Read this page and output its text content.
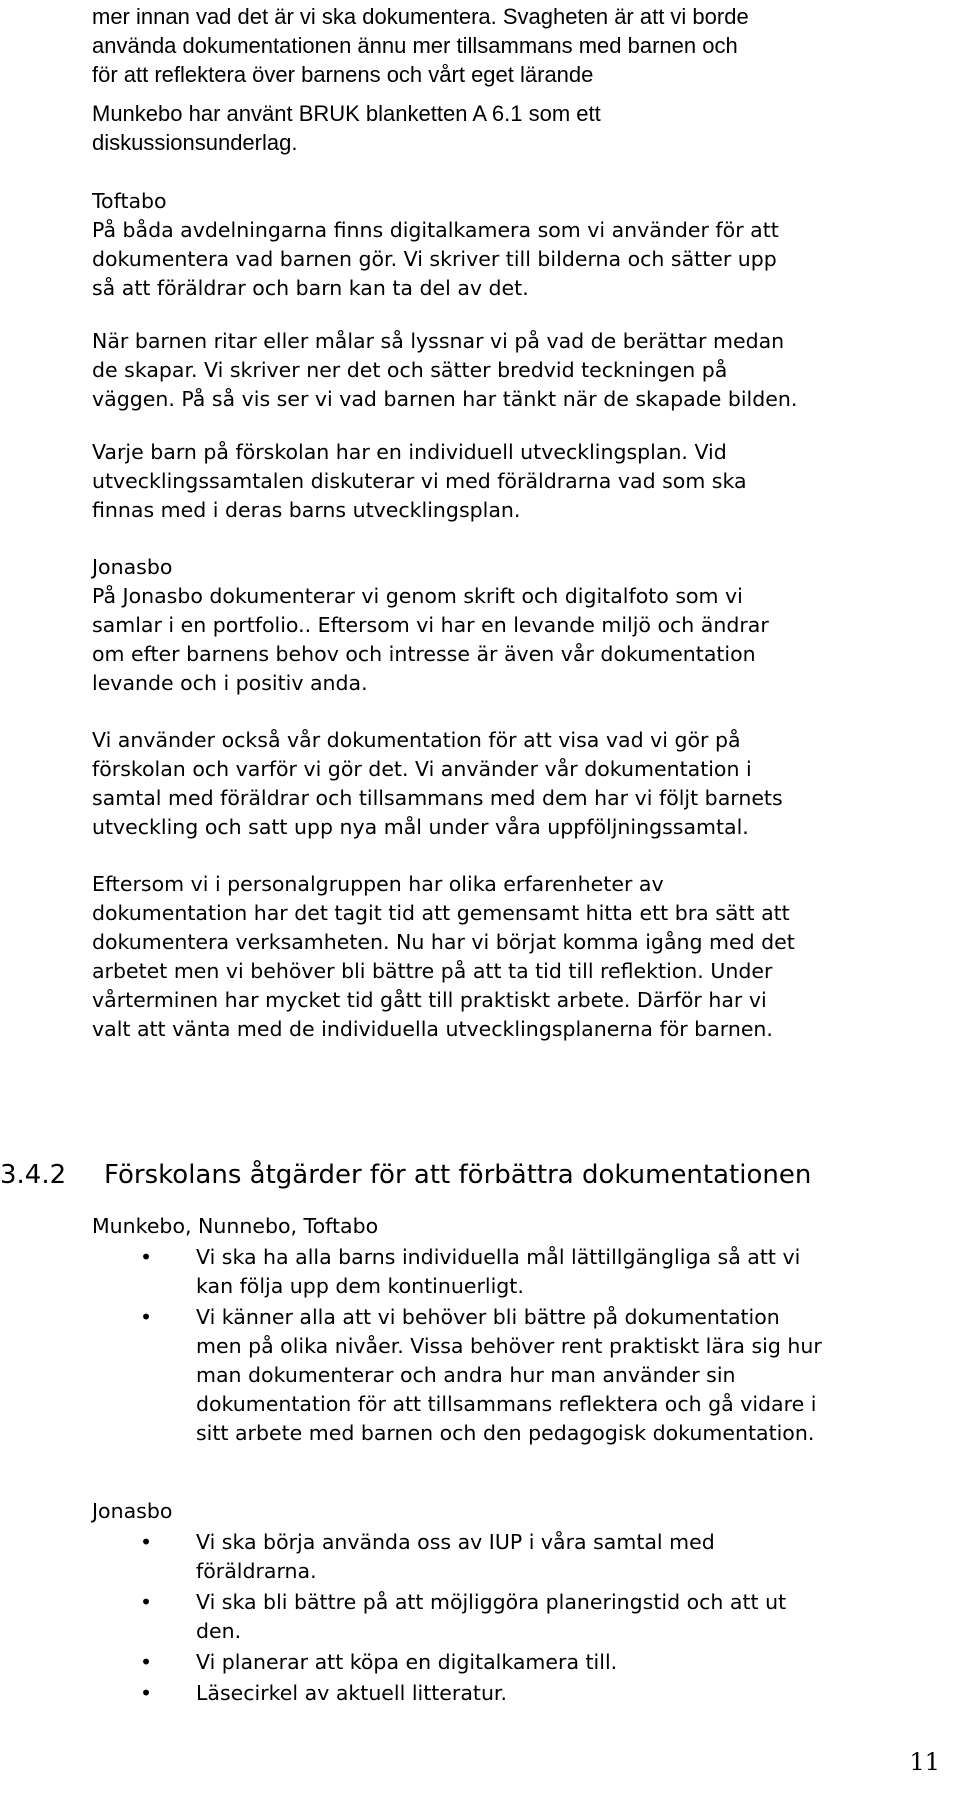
mer innan vad det är vi ska dokumentera. Svagheten är att vi borde
använda dokumentationen ännu mer tillsammans med barnen och
för att reflektera över barnens och vårt eget lärande
Munkebo har använt BRUK blanketten A 6.1 som ett
diskussionsunderlag.
Toftabo
På båda avdelningarna finns digitalkamera som vi använder för att
dokumentera vad barnen gör. Vi skriver till bilderna och sätter upp
så att föräldrar och barn kan ta del av det.
När barnen ritar eller målar så lyssnar vi på vad de berättar medan
de skapar. Vi skriver ner det och sätter bredvid teckningen på
väggen. På så vis ser vi vad barnen har tänkt när de skapade bilden.
Varje barn på förskolan har en individuell utvecklingsplan. Vid
utvecklingssamtalen diskuterar vi med föräldrarna vad som ska
finnas med i deras barns utvecklingsplan.
Jonasbo
På Jonasbo dokumenterar vi genom skrift och digitalfoto som vi
samlar i en portfolio.. Eftersom vi har en levande miljö och ändrar
om efter barnens behov och intresse är även vår dokumentation
levande och i positiv anda.
Vi använder också vår dokumentation för att visa vad vi gör på
förskolan och varför vi gör det. Vi använder vår dokumentation i
samtal med föräldrar och tillsammans med dem har vi följt barnets
utveckling och satt upp nya mål under våra uppföljningssamtal.
Eftersom vi i personalgruppen har olika erfarenheter av
dokumentation har det tagit tid att gemensamt hitta ett bra sätt att
dokumentera verksamheten. Nu har vi börjat komma igång med det
arbetet men vi behöver bli bättre på att ta tid till reflektion. Under
vårterminen har mycket tid gått till praktiskt arbete. Därför har vi
valt att vänta med de individuella utvecklingsplanerna för barnen.
3.4.2 Förskolans åtgärder för att förbättra dokumentationen
Munkebo, Nunnebo, Toftabo
•	Vi ska ha alla barns individuella mål lättillgängliga så att vi
kan följa upp dem kontinuerligt.
•	Vi känner alla att vi behöver bli bättre på dokumentation
men på olika nivåer. Vissa behöver rent praktiskt lära sig hur
man dokumenterar och andra hur man använder sin
dokumentation för att tillsammans reflektera och gå vidare i
sitt arbete med barnen och den pedagogisk dokumentation.
Jonasbo
•	Vi ska börja använda oss av IUP i våra samtal med
föräldrarna.
•	Vi ska bli bättre på att möjliggöra planeringstid och att ut
den.
•	Vi planerar att köpa en digitalkamera till.
•	Läsecirkel av aktuell litteratur.
11
